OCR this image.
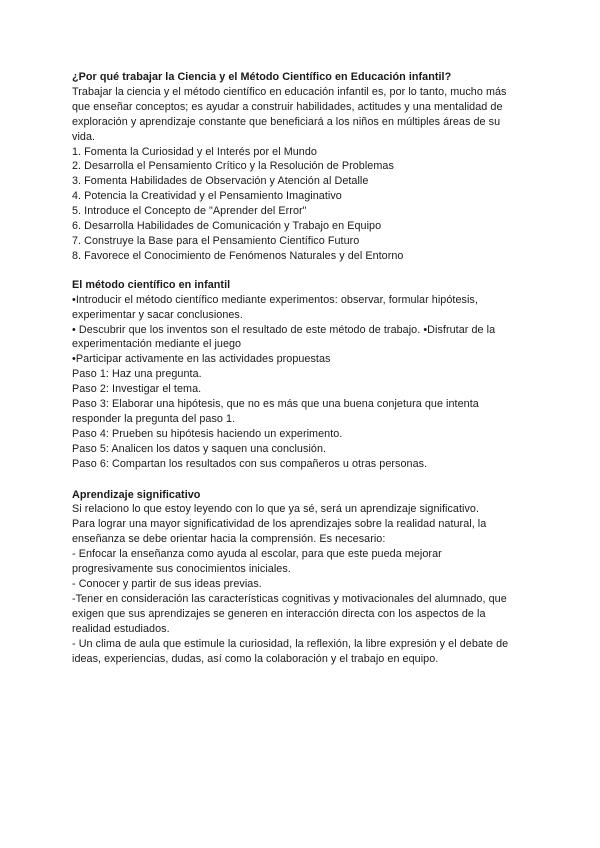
¿Por qué trabajar la Ciencia y el Método Científico en Educación infantil?

Trabajar la ciencia y el método científico en educación infantil es, por lo tanto, mucho más que enseñar conceptos; es ayudar a construir habilidades, actitudes y una mentalidad de exploración y aprendizaje constante que beneficiará a los niños en múltiples áreas de su vida.

1. Fomenta la Curiosidad y el Interés por el Mundo
2. Desarrolla el Pensamiento Crítico y la Resolución de Problemas
3. Fomenta Habilidades de Observación y Atención al Detalle
4. Potencia la Creatividad y el Pensamiento Imaginativo
5. Introduce el Concepto de "Aprender del Error"
6. Desarrolla Habilidades de Comunicación y Trabajo en Equipo
7. Construye la Base para el Pensamiento Científico Futuro
8. Favorece el Conocimiento de Fenómenos Naturales y del Entorno

El método científico en infantil

•Introducir el método científico mediante experimentos: observar, formular hipótesis, experimentar y sacar conclusiones.

• Descubrir que los inventos son el resultado de este método de trabajo. •Disfrutar de la experimentación mediante el juego

•Participar activamente en las actividades propuestas

Paso 1: Haz una pregunta.

Paso 2: Investigar el tema.

Paso 3: Elaborar una hipótesis, que no es más que una buena conjetura que intenta responder la pregunta del paso 1.

Paso 4: Prueben su hipótesis haciendo un experimento.

Paso 5: Analicen los datos y saquen una conclusión.

Paso 6: Compartan los resultados con sus compañeros u otras personas.

Aprendizaje significativo

Si relaciono lo que estoy leyendo con lo que ya sé, será un aprendizaje significativo.

Para lograr una mayor significatividad de los aprendizajes sobre la realidad natural, la enseñanza se debe orientar hacia la comprensión. Es necesario:

- Enfocar la enseñanza como ayuda al escolar, para que este pueda mejorar progresivamente sus conocimientos iniciales.

- Conocer y partir de sus ideas previas.

-Tener en consideración las características cognitivas y motivacionales del alumnado, que exigen que sus aprendizajes se generen en interacción directa con los aspectos de la realidad estudiados.

- Un clima de aula que estimule la curiosidad, la reflexión, la libre expresión y el debate de ideas, experiencias, dudas, así como la colaboración y el trabajo en equipo.
